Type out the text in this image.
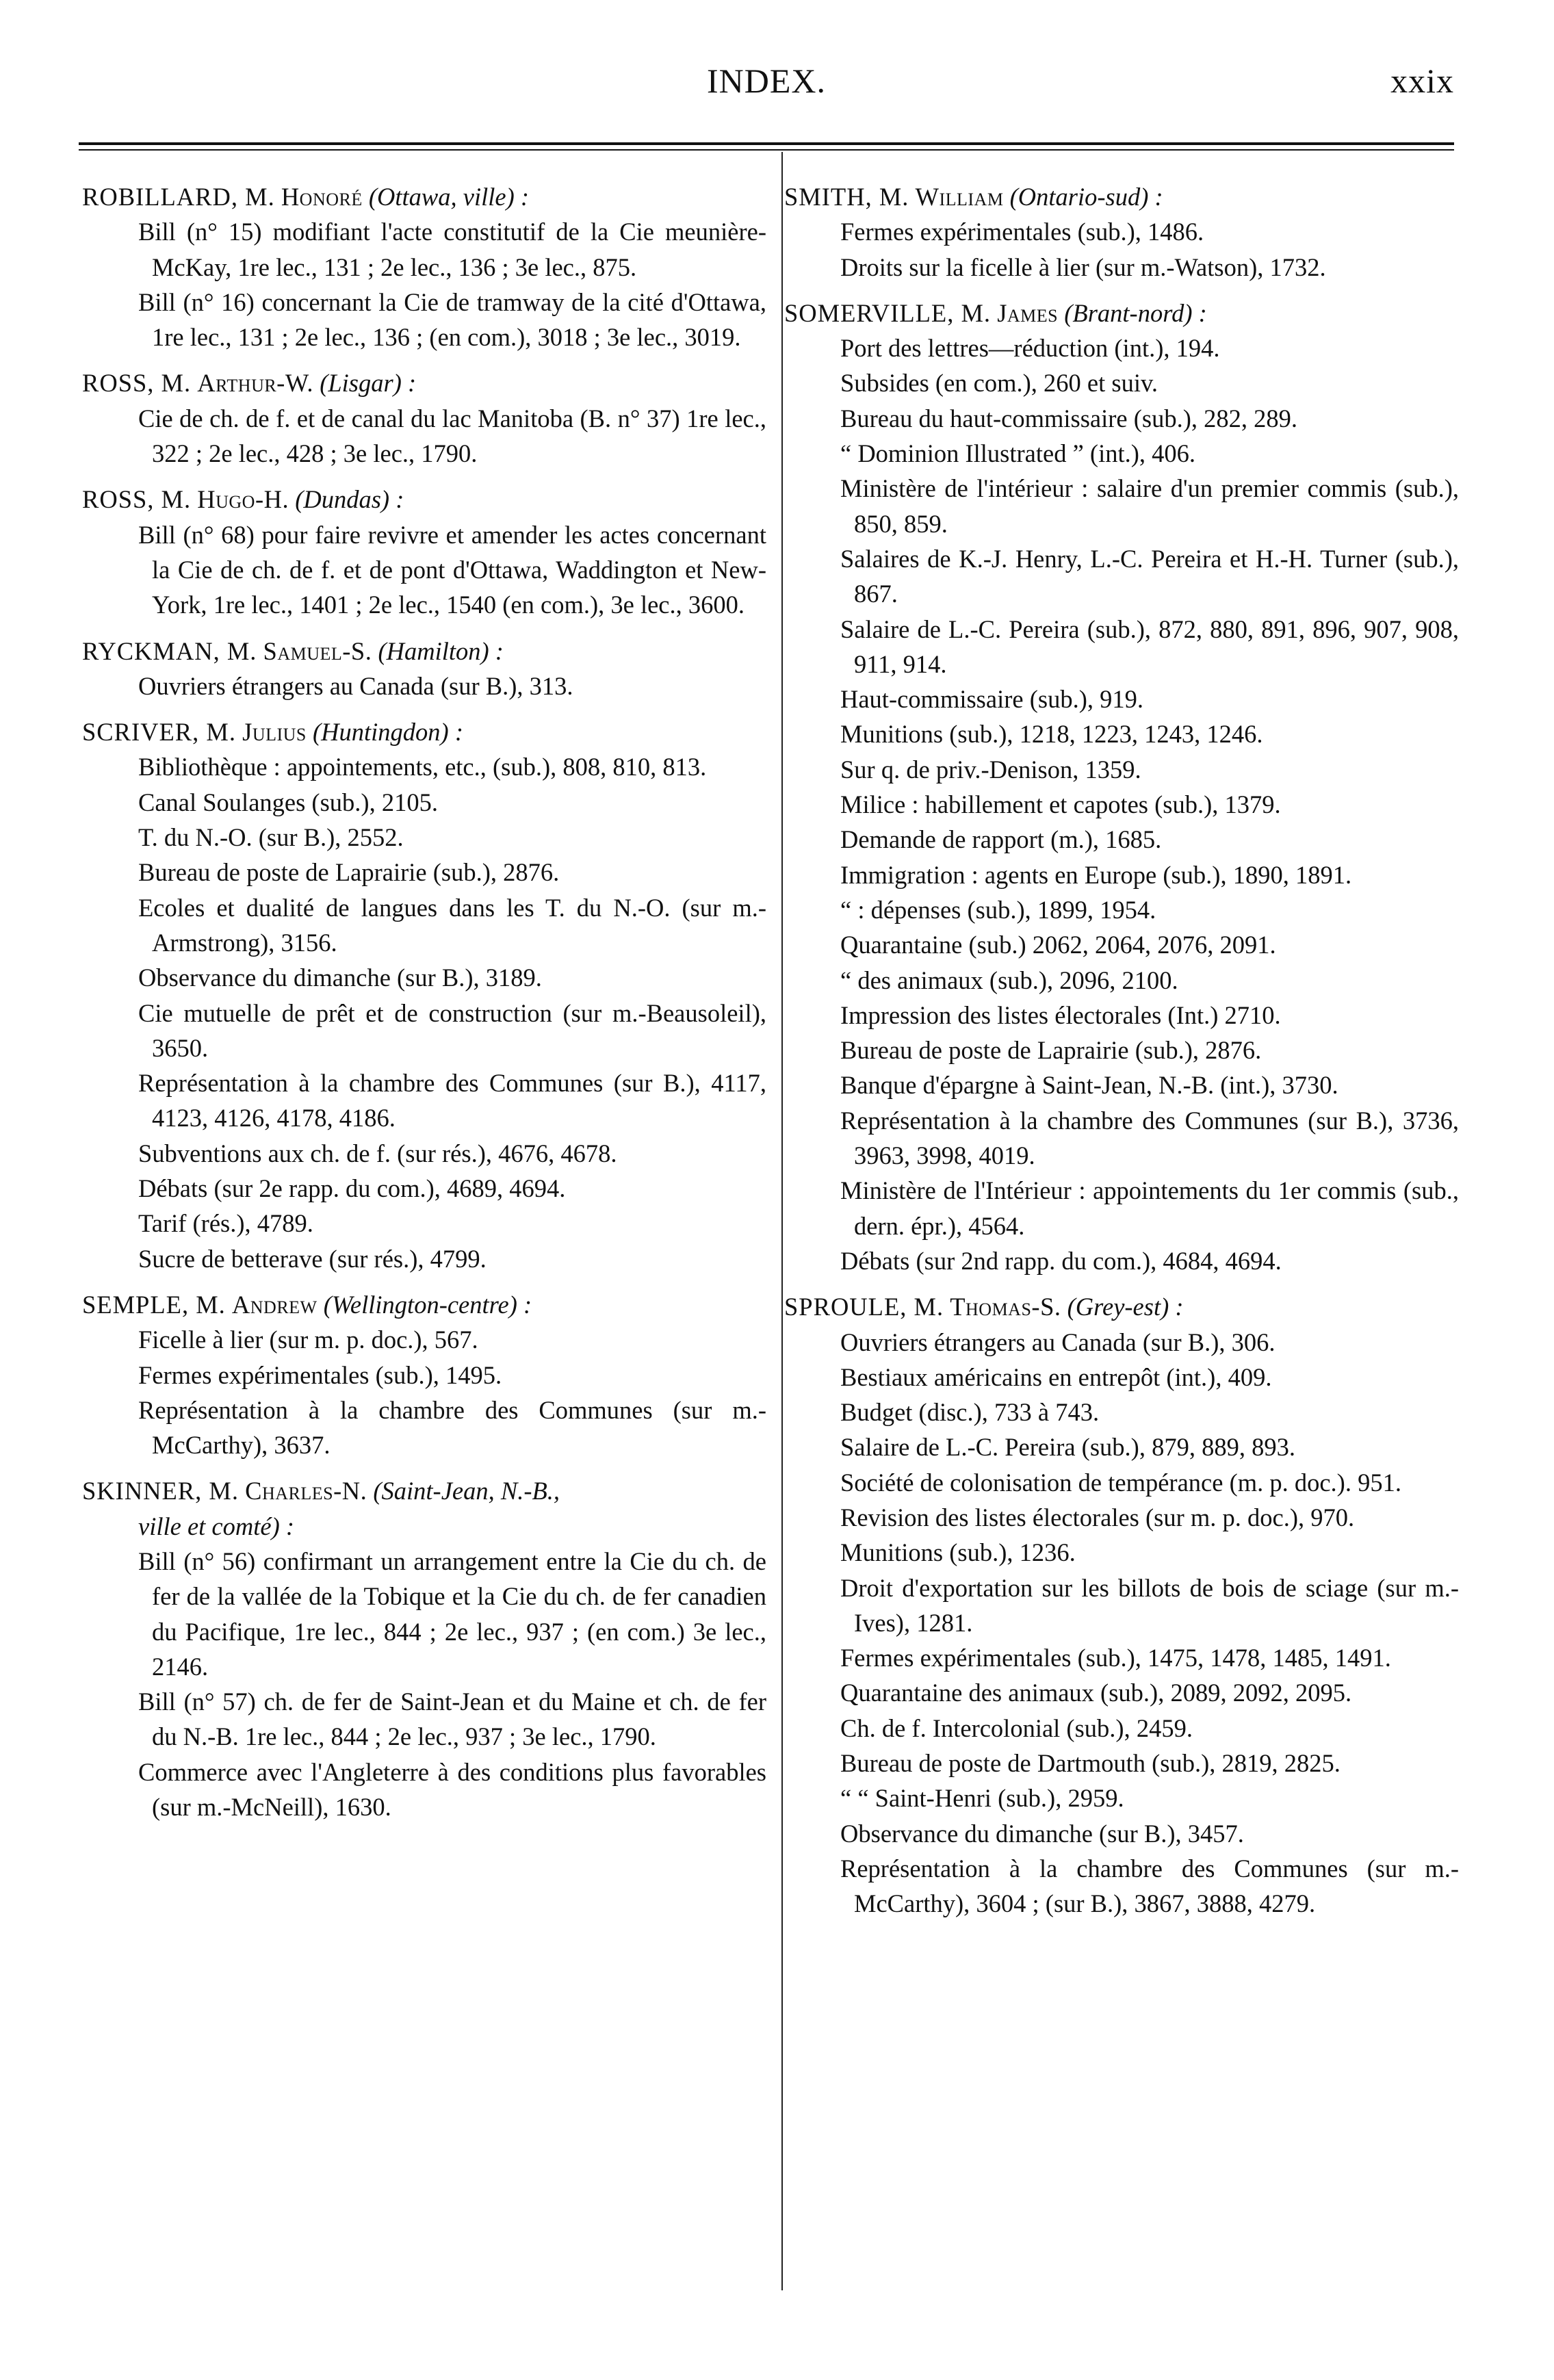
INDEX.	xxix
ROBILLARD, M. Honoré (Ottawa, ville) :
Bill (n° 15) modifiant l'acte constitutif de la Cie meunière-McKay, 1re lec., 131 ; 2e lec., 136 ; 3e lec., 875.
Bill (n° 16) concernant la Cie de tramway de la cité d'Ottawa, 1re lec., 131 ; 2e lec., 136 ; (en com.), 3018 ; 3e lec., 3019.
ROSS, M. Arthur-W. (Lisgar) :
Cie de ch. de f. et de canal du lac Manitoba (B. n° 37) 1re lec., 322 ; 2e lec., 428 ; 3e lec., 1790.
ROSS, M. Hugo-H. (Dundas) :
Bill (n° 68) pour faire revivre et amender les actes concernant la Cie de ch. de f. et de pont d'Ottawa, Waddington et New-York, 1re lec., 1401 ; 2e lec., 1540 (en com.), 3e lec., 3600.
RYCKMAN, M. Samuel-S. (Hamilton) :
Ouvriers étrangers au Canada (sur B.), 313.
SCRIVER, M. Julius (Huntingdon) :
Bibliothèque : appointements, etc., (sub.), 808, 810, 813.
Canal Soulanges (sub.), 2105.
T. du N.-O. (sur B.), 2552.
Bureau de poste de Laprairie (sub.), 2876.
Ecoles et dualité de langues dans les T. du N.-O. (sur m.-Armstrong), 3156.
Observance du dimanche (sur B.), 3189.
Cie mutuelle de prêt et de construction (sur m.-Beausoleil), 3650.
Représentation à la chambre des Communes (sur B.), 4117, 4123, 4126, 4178, 4186.
Subventions aux ch. de f. (sur rés.), 4676, 4678.
Débats (sur 2e rapp. du com.), 4689, 4694.
Tarif (rés.), 4789.
Sucre de betterave (sur rés.), 4799.
SEMPLE, M. Andrew (Wellington-centre) :
Ficelle à lier (sur m. p. doc.), 567.
Fermes expérimentales (sub.), 1495.
Représentation à la chambre des Communes (sur m.-McCarthy), 3637.
SKINNER, M. Charles-N. (Saint-Jean, N.-B.,
ville et comté) :
Bill (n° 56) confirmant un arrangement entre la Cie du ch. de fer de la vallée de la Tobique et la Cie du ch. de fer canadien du Pacifique, 1re lec., 844 ; 2e lec., 937 ; (en com.) 3e lec., 2146.
Bill (n° 57) ch. de fer de Saint-Jean et du Maine et ch. de fer du N.-B. 1re lec., 844 ; 2e lec., 937 ; 3e lec., 1790.
Commerce avec l'Angleterre à des conditions plus favorables (sur m.-McNeill), 1630.
SMITH, M. William (Ontario-sud) :
Fermes expérimentales (sub.), 1486.
Droits sur la ficelle à lier (sur m.-Watson), 1732.
SOMERVILLE, M. James (Brant-nord) :
Port des lettres—réduction (int.), 194.
Subsides (en com.), 260 et suiv.
Bureau du haut-commissaire (sub.), 282, 289.
“ Dominion Illustrated ” (int.), 406.
Ministère de l'intérieur : salaire d'un premier commis (sub.), 850, 859.
Salaires de K.-J. Henry, L.-C. Pereira et H.-H. Turner (sub.), 867.
Salaire de L.-C. Pereira (sub.), 872, 880, 891, 896, 907, 908, 911, 914.
Haut-commissaire (sub.), 919.
Munitions (sub.), 1218, 1223, 1243, 1246.
Sur q. de priv.-Denison, 1359.
Milice : habillement et capotes (sub.), 1379.
Demande de rapport (m.), 1685.
Immigration : agents en Europe (sub.), 1890, 1891.
“ : dépenses (sub.), 1899, 1954.
Quarantaine (sub.) 2062, 2064, 2076, 2091.
“ des animaux (sub.), 2096, 2100.
Impression des listes électorales (Int.) 2710.
Bureau de poste de Laprairie (sub.), 2876.
Banque d'épargne à Saint-Jean, N.-B. (int.), 3730.
Représentation à la chambre des Communes (sur B.), 3736, 3963, 3998, 4019.
Ministère de l'Intérieur : appointements du 1er commis (sub., dern. épr.), 4564.
Débats (sur 2nd rapp. du com.), 4684, 4694.
SPROULE, M. Thomas-S. (Grey-est) :
Ouvriers étrangers au Canada (sur B.), 306.
Bestiaux américains en entrepôt (int.), 409.
Budget (disc.), 733 à 743.
Salaire de L.-C. Pereira (sub.), 879, 889, 893.
Société de colonisation de tempérance (m. p. doc.). 951.
Revision des listes électorales (sur m. p. doc.), 970.
Munitions (sub.), 1236.
Droit d'exportation sur les billots de bois de sciage (sur m.-Ives), 1281.
Fermes expérimentales (sub.), 1475, 1478, 1485, 1491.
Quarantaine des animaux (sub.), 2089, 2092, 2095.
Ch. de f. Intercolonial (sub.), 2459.
Bureau de poste de Dartmouth (sub.), 2819, 2825.
“ “ Saint-Henri (sub.), 2959.
Observance du dimanche (sur B.), 3457.
Représentation à la chambre des Communes (sur m.-McCarthy), 3604 ; (sur B.), 3867, 3888, 4279.
